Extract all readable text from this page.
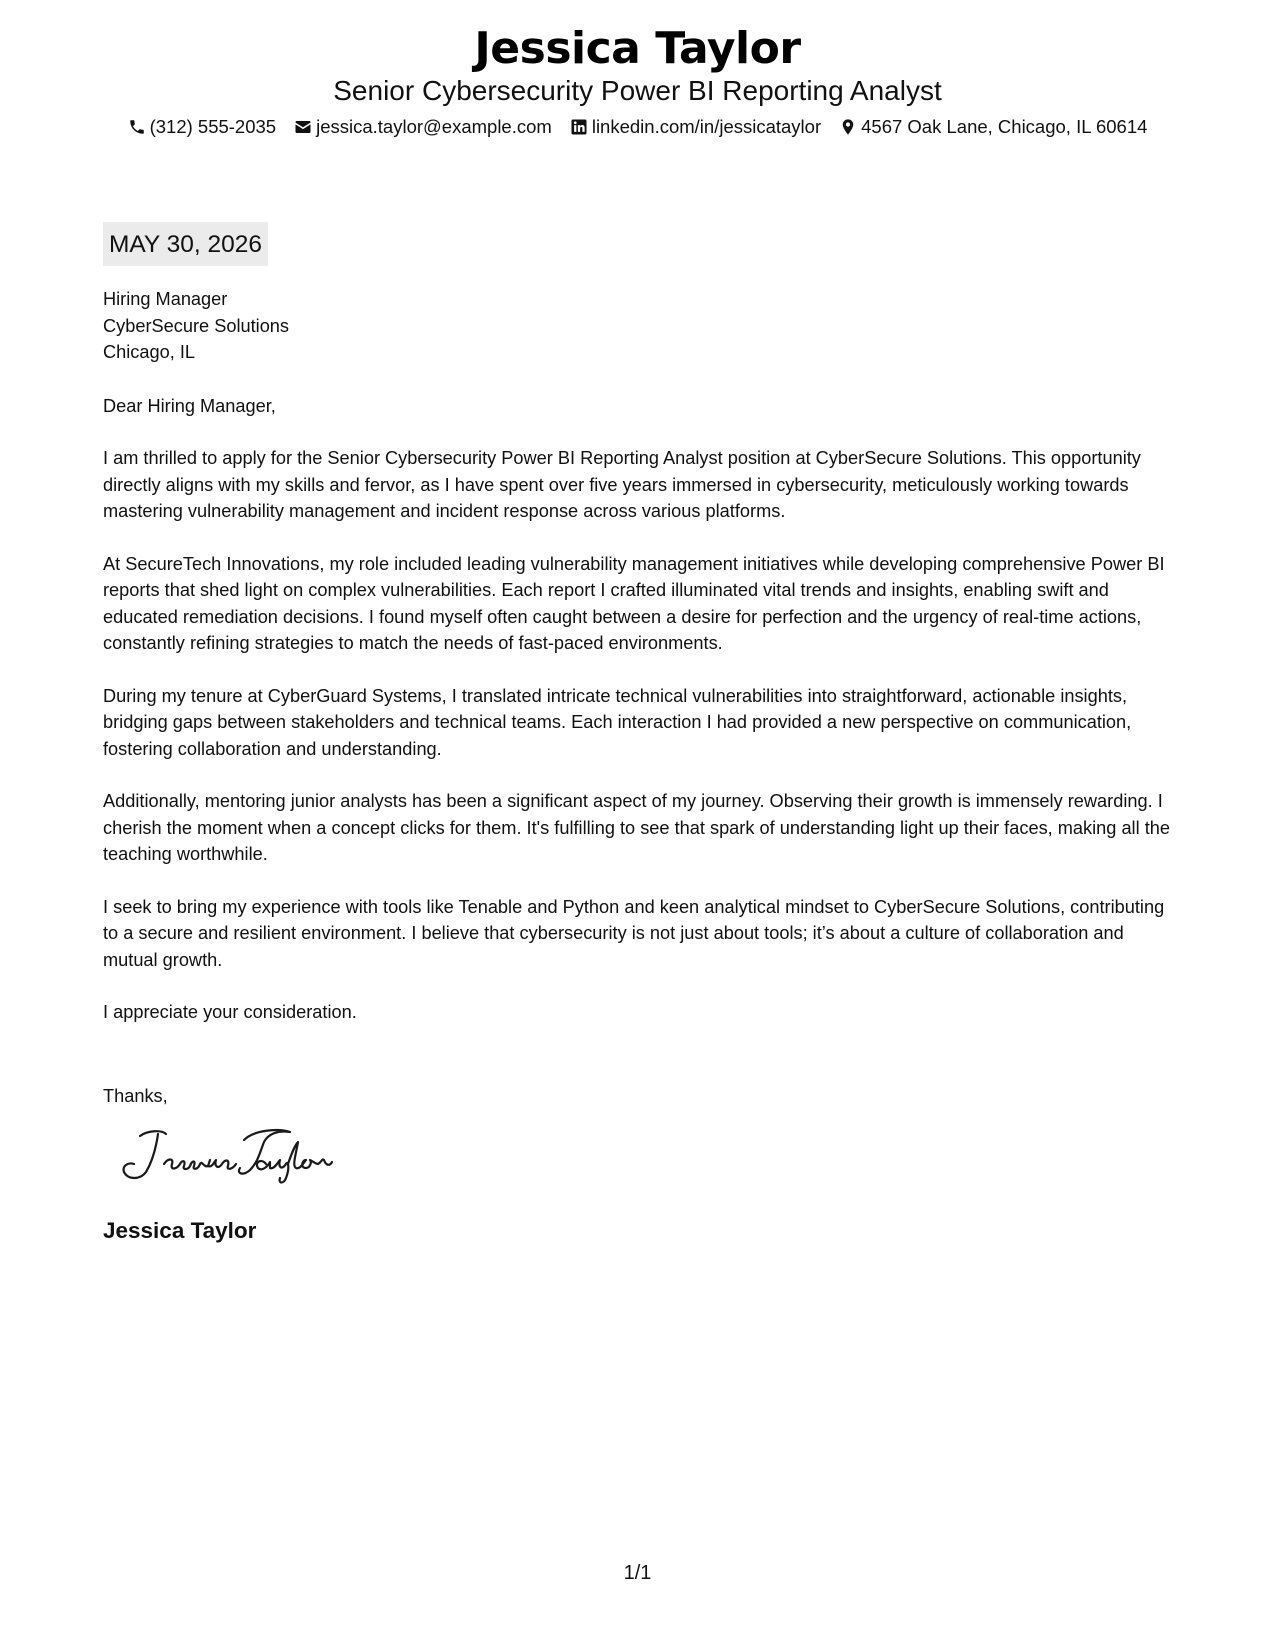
Jessica Taylor
Senior Cybersecurity Power BI Reporting Analyst
(312) 555-2035 jessica.taylor@example.com linkedin.com/in/jessicataylor 4567 Oak Lane, Chicago, IL 60614
MAY 30, 2026
Hiring Manager
CyberSecure Solutions
Chicago, IL
Dear Hiring Manager,
I am thrilled to apply for the Senior Cybersecurity Power BI Reporting Analyst position at CyberSecure Solutions. This opportunity directly aligns with my skills and fervor, as I have spent over five years immersed in cybersecurity, meticulously working towards mastering vulnerability management and incident response across various platforms.
At SecureTech Innovations, my role included leading vulnerability management initiatives while developing comprehensive Power BI reports that shed light on complex vulnerabilities. Each report I crafted illuminated vital trends and insights, enabling swift and educated remediation decisions. I found myself often caught between a desire for perfection and the urgency of real-time actions, constantly refining strategies to match the needs of fast-paced environments.
During my tenure at CyberGuard Systems, I translated intricate technical vulnerabilities into straightforward, actionable insights, bridging gaps between stakeholders and technical teams. Each interaction I had provided a new perspective on communication, fostering collaboration and understanding.
Additionally, mentoring junior analysts has been a significant aspect of my journey. Observing their growth is immensely rewarding. I cherish the moment when a concept clicks for them. It's fulfilling to see that spark of understanding light up their faces, making all the teaching worthwhile.
I seek to bring my experience with tools like Tenable and Python and keen analytical mindset to CyberSecure Solutions, contributing to a secure and resilient environment. I believe that cybersecurity is not just about tools; it’s about a culture of collaboration and mutual growth.
I appreciate your consideration.
Thanks,
Jessica Taylor
1/1
